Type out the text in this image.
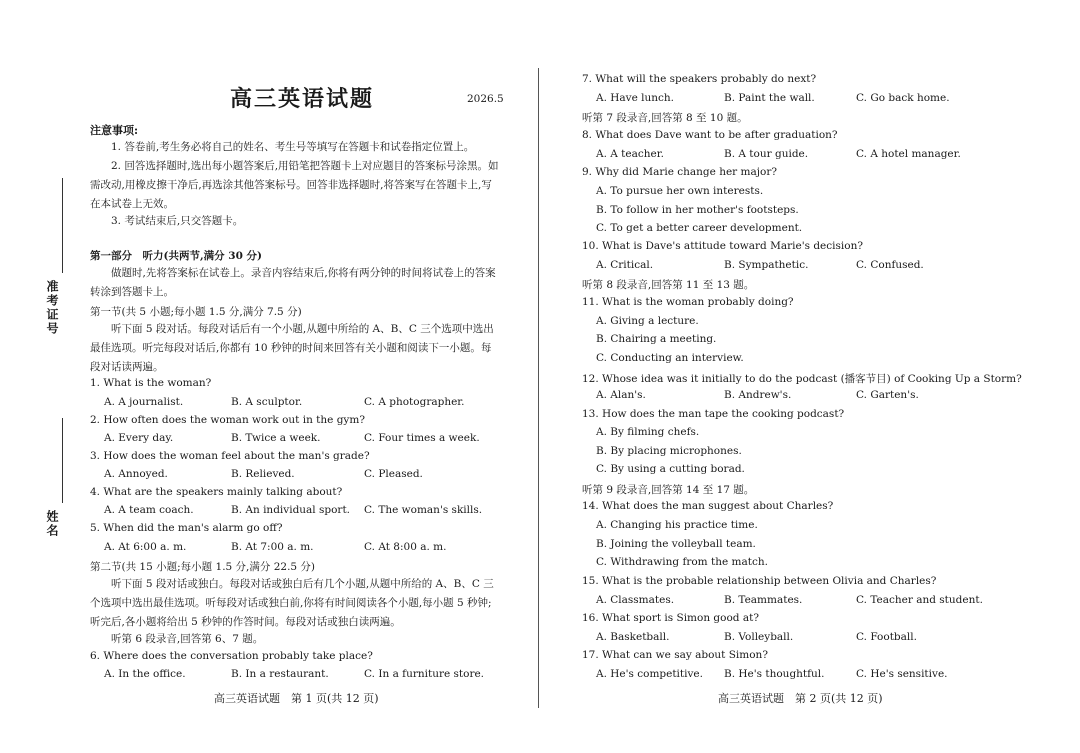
准考证号
姓名
高三英语试题	2026.5
注意事项:
1. 答卷前,考生务必将自己的姓名、考生号等填写在答题卡和试卷指定位置上。
2. 回答选择题时,选出每小题答案后,用铅笔把答题卡上对应题目的答案标号涂黑。如需改动,用橡皮擦干净后,再选涂其他答案标号。回答非选择题时,将答案写在答题卡上,写在本试卷上无效。
3. 考试结束后,只交答题卡。
第一部分　听力(共两节,满分 30 分)
做题时,先将答案标在试卷上。录音内容结束后,你将有两分钟的时间将试卷上的答案转涂到答题卡上。
第一节(共 5 小题;每小题 1.5 分,满分 7.5 分)
听下面 5 段对话。每段对话后有一个小题,从题中所给的 A、B、C 三个选项中选出最佳选项。听完每段对话后,你都有 10 秒钟的时间来回答有关小题和阅读下一小题。每段对话读两遍。
1. What is the woman?
A. A journalist.	B. A sculptor.	C. A photographer.
2. How often does the woman work out in the gym?
A. Every day.	B. Twice a week.	C. Four times a week.
3. How does the woman feel about the man's grade?
A. Annoyed.	B. Relieved.	C. Pleased.
4. What are the speakers mainly talking about?
A. A team coach.	B. An individual sport. C. The woman's skills.
5. When did the man's alarm go off?
A. At 6:00 a. m.	B. At 7:00 a. m.	C. At 8:00 a. m.
第二节(共 15 小题;每小题 1.5 分,满分 22.5 分)
听下面 5 段对话或独白。每段对话或独白后有几个小题,从题中所给的 A、B、C 三个选项中选出最佳选项。听每段对话或独白前,你将有时间阅读各个小题,每小题 5 秒钟;听完后,各小题将给出 5 秒钟的作答时间。每段对话或独白读两遍。
听第 6 段录音,回答第 6、7 题。
6. Where does the conversation probably take place?
A. In the office.	B. In a restaurant.	C. In a furniture store.
高三英语试题　第 1 页(共 12 页)
7. What will the speakers probably do next?
A. Have lunch.	B. Paint the wall.	C. Go back home.
听第 7 段录音,回答第 8 至 10 题。
8. What does Dave want to be after graduation?
A. A teacher.	B. A tour guide.	C. A hotel manager.
9. Why did Marie change her major?
A. To pursue her own interests.
B. To follow in her mother's footsteps.
C. To get a better career development.
10. What is Dave's attitude toward Marie's decision?
A. Critical.	B. Sympathetic.	C. Confused.
听第 8 段录音,回答第 11 至 13 题。
11. What is the woman probably doing?
A. Giving a lecture.
B. Chairing a meeting.
C. Conducting an interview.
12. Whose idea was it initially to do the podcast (播客节目) of Cooking Up a Storm?
A. Alan's.	B. Andrew's.	C. Garten's.
13. How does the man tape the cooking podcast?
A. By filming chefs.
B. By placing microphones.
C. By using a cutting borad.
听第 9 段录音,回答第 14 至 17 题。
14. What does the man suggest about Charles?
A. Changing his practice time.
B. Joining the volleyball team.
C. Withdrawing from the match.
15. What is the probable relationship between Olivia and Charles?
A. Classmates.	B. Teammates.	C. Teacher and student.
16. What sport is Simon good at?
A. Basketball.	B. Volleyball.	C. Football.
17. What can we say about Simon?
A. He's competitive. B. He's thoughtful.	C. He's sensitive.
高三英语试题　第 2 页(共 12 页)
